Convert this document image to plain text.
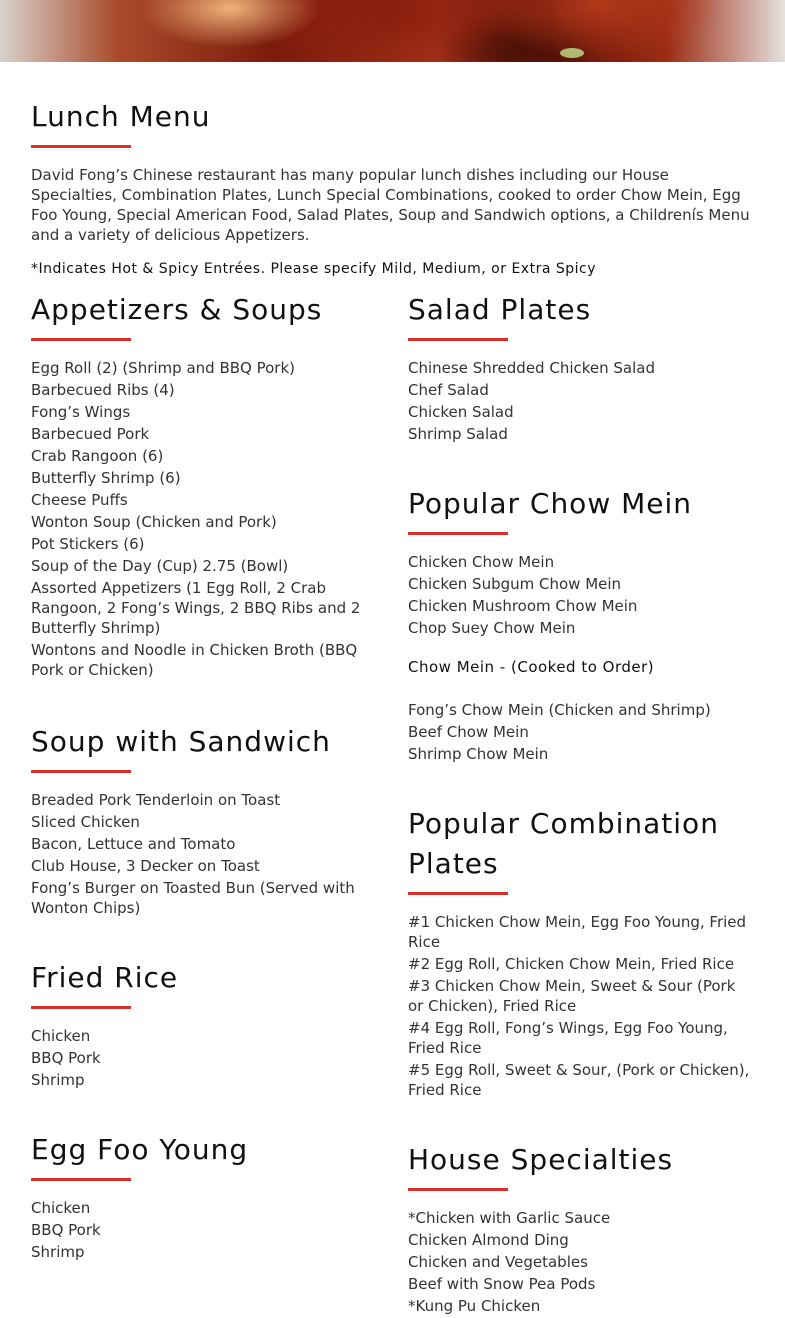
Lunch Menu

David Fong’s Chinese restaurant has many popular lunch dishes including our House Specialties, Combination Plates, Lunch Special Combinations, cooked to order Chow Mein, Egg Foo Young, Special American Food, Salad Plates, Soup and Sandwich options, a Childrenís Menu and a variety of delicious Appetizers.

*Indicates Hot & Spicy Entrées. Please specify Mild, Medium, or Extra Spicy

Appetizers & Soups
Egg Roll (2) (Shrimp and BBQ Pork)
Barbecued Ribs (4)
Fong’s Wings
Barbecued Pork
Crab Rangoon (6)
Butterfly Shrimp (6)
Cheese Puffs
Wonton Soup (Chicken and Pork)
Pot Stickers (6)
Soup of the Day (Cup) 2.75 (Bowl)
Assorted Appetizers (1 Egg Roll, 2 Crab Rangoon, 2 Fong’s Wings, 2 BBQ Ribs and 2 Butterfly Shrimp)
Wontons and Noodle in Chicken Broth (BBQ Pork or Chicken)
Soup with Sandwich
Breaded Pork Tenderloin on Toast
Sliced Chicken
Bacon, Lettuce and Tomato
Club House, 3 Decker on Toast
Fong’s Burger on Toasted Bun (Served with Wonton Chips)
Fried Rice
Chicken
BBQ Pork
Shrimp
Egg Foo Young
Chicken
BBQ Pork
Shrimp
Salad Plates
Chinese Shredded Chicken Salad
Chef Salad
Chicken Salad
Shrimp Salad
Popular Chow Mein
Chicken Chow Mein
Chicken Subgum Chow Mein
Chicken Mushroom Chow Mein
Chop Suey Chow Mein

Chow Mein - (Cooked to Order)

Fong’s Chow Mein (Chicken and Shrimp)
Beef Chow Mein
Shrimp Chow Mein
Popular Combination Plates
#1 Chicken Chow Mein, Egg Foo Young, Fried Rice
#2 Egg Roll, Chicken Chow Mein, Fried Rice
#3 Chicken Chow Mein, Sweet & Sour (Pork or Chicken), Fried Rice
#4 Egg Roll, Fong’s Wings, Egg Foo Young, Fried Rice
#5 Egg Roll, Sweet & Sour, (Pork or Chicken), Fried Rice
House Specialties
*Chicken with Garlic Sauce
Chicken Almond Ding
Chicken and Vegetables
Beef with Snow Pea Pods
*Kung Pu Chicken
